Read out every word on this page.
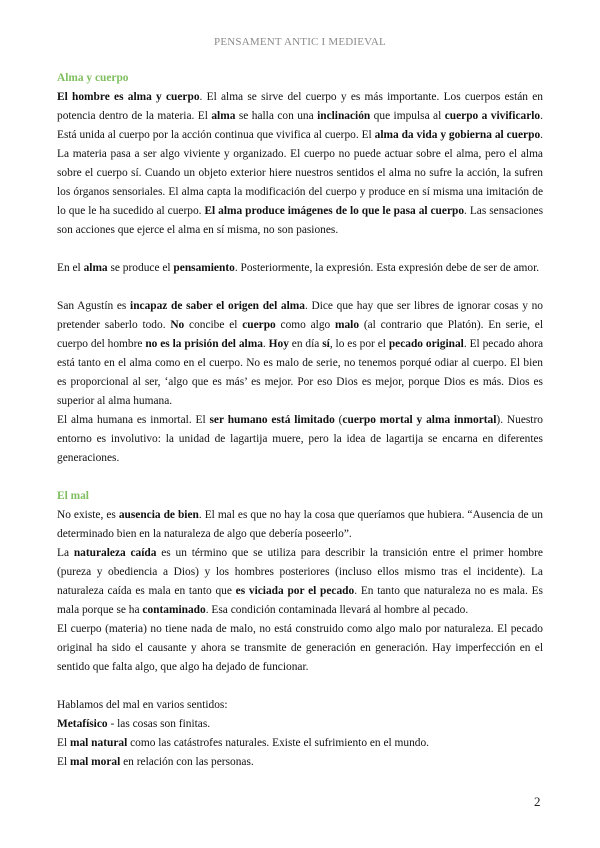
PENSAMENT ANTIC I MEDIEVAL
Alma y cuerpo

El hombre es alma y cuerpo. El alma se sirve del cuerpo y es más importante. Los cuerpos están en potencia dentro de la materia. El alma se halla con una inclinación que impulsa al cuerpo a vivificarlo. Está unida al cuerpo por la acción continua que vivifica al cuerpo. El alma da vida y gobierna al cuerpo. La materia pasa a ser algo viviente y organizado. El cuerpo no puede actuar sobre el alma, pero el alma sobre el cuerpo sí. Cuando un objeto exterior hiere nuestros sentidos el alma no sufre la acción, la sufren los órganos sensoriales. El alma capta la modificación del cuerpo y produce en sí misma una imitación de lo que le ha sucedido al cuerpo. El alma produce imágenes de lo que le pasa al cuerpo. Las sensaciones son acciones que ejerce el alma en sí misma, no son pasiones.

En el alma se produce el pensamiento. Posteriormente, la expresión. Esta expresión debe de ser de amor.

San Agustín es incapaz de saber el origen del alma. Dice que hay que ser libres de ignorar cosas y no pretender saberlo todo. No concibe el cuerpo como algo malo (al contrario que Platón). En serie, el cuerpo del hombre no es la prisión del alma. Hoy en día sí, lo es por el pecado original. El pecado ahora está tanto en el alma como en el cuerpo. No es malo de serie, no tenemos porqué odiar al cuerpo. El bien es proporcional al ser, ‘algo que es más’ es mejor. Por eso Dios es mejor, porque Dios es más. Dios es superior al alma humana.

El alma humana es inmortal. El ser humano está limitado (cuerpo mortal y alma inmortal). Nuestro entorno es involutivo: la unidad de lagartija muere, pero la idea de lagartija se encarna en diferentes generaciones.

El mal

No existe, es ausencia de bien. El mal es que no hay la cosa que queríamos que hubiera. “Ausencia de un determinado bien en la naturaleza de algo que debería poseerlo”.

La naturaleza caída es un término que se utiliza para describir la transición entre el primer hombre (pureza y obediencia a Dios) y los hombres posteriores (incluso ellos mismo tras el incidente). La naturaleza caída es mala en tanto que es viciada por el pecado. En tanto que naturaleza no es mala. Es mala porque se ha contaminado. Esa condición contaminada llevará al hombre al pecado.

El cuerpo (materia) no tiene nada de malo, no está construido como algo malo por naturaleza. El pecado original ha sido el causante y ahora se transmite de generación en generación. Hay imperfección en el sentido que falta algo, que algo ha dejado de funcionar.

Hablamos del mal en varios sentidos:

Metafísico - las cosas son finitas.

El mal natural como las catástrofes naturales. Existe el sufrimiento en el mundo.

El mal moral en relación con las personas.

2
